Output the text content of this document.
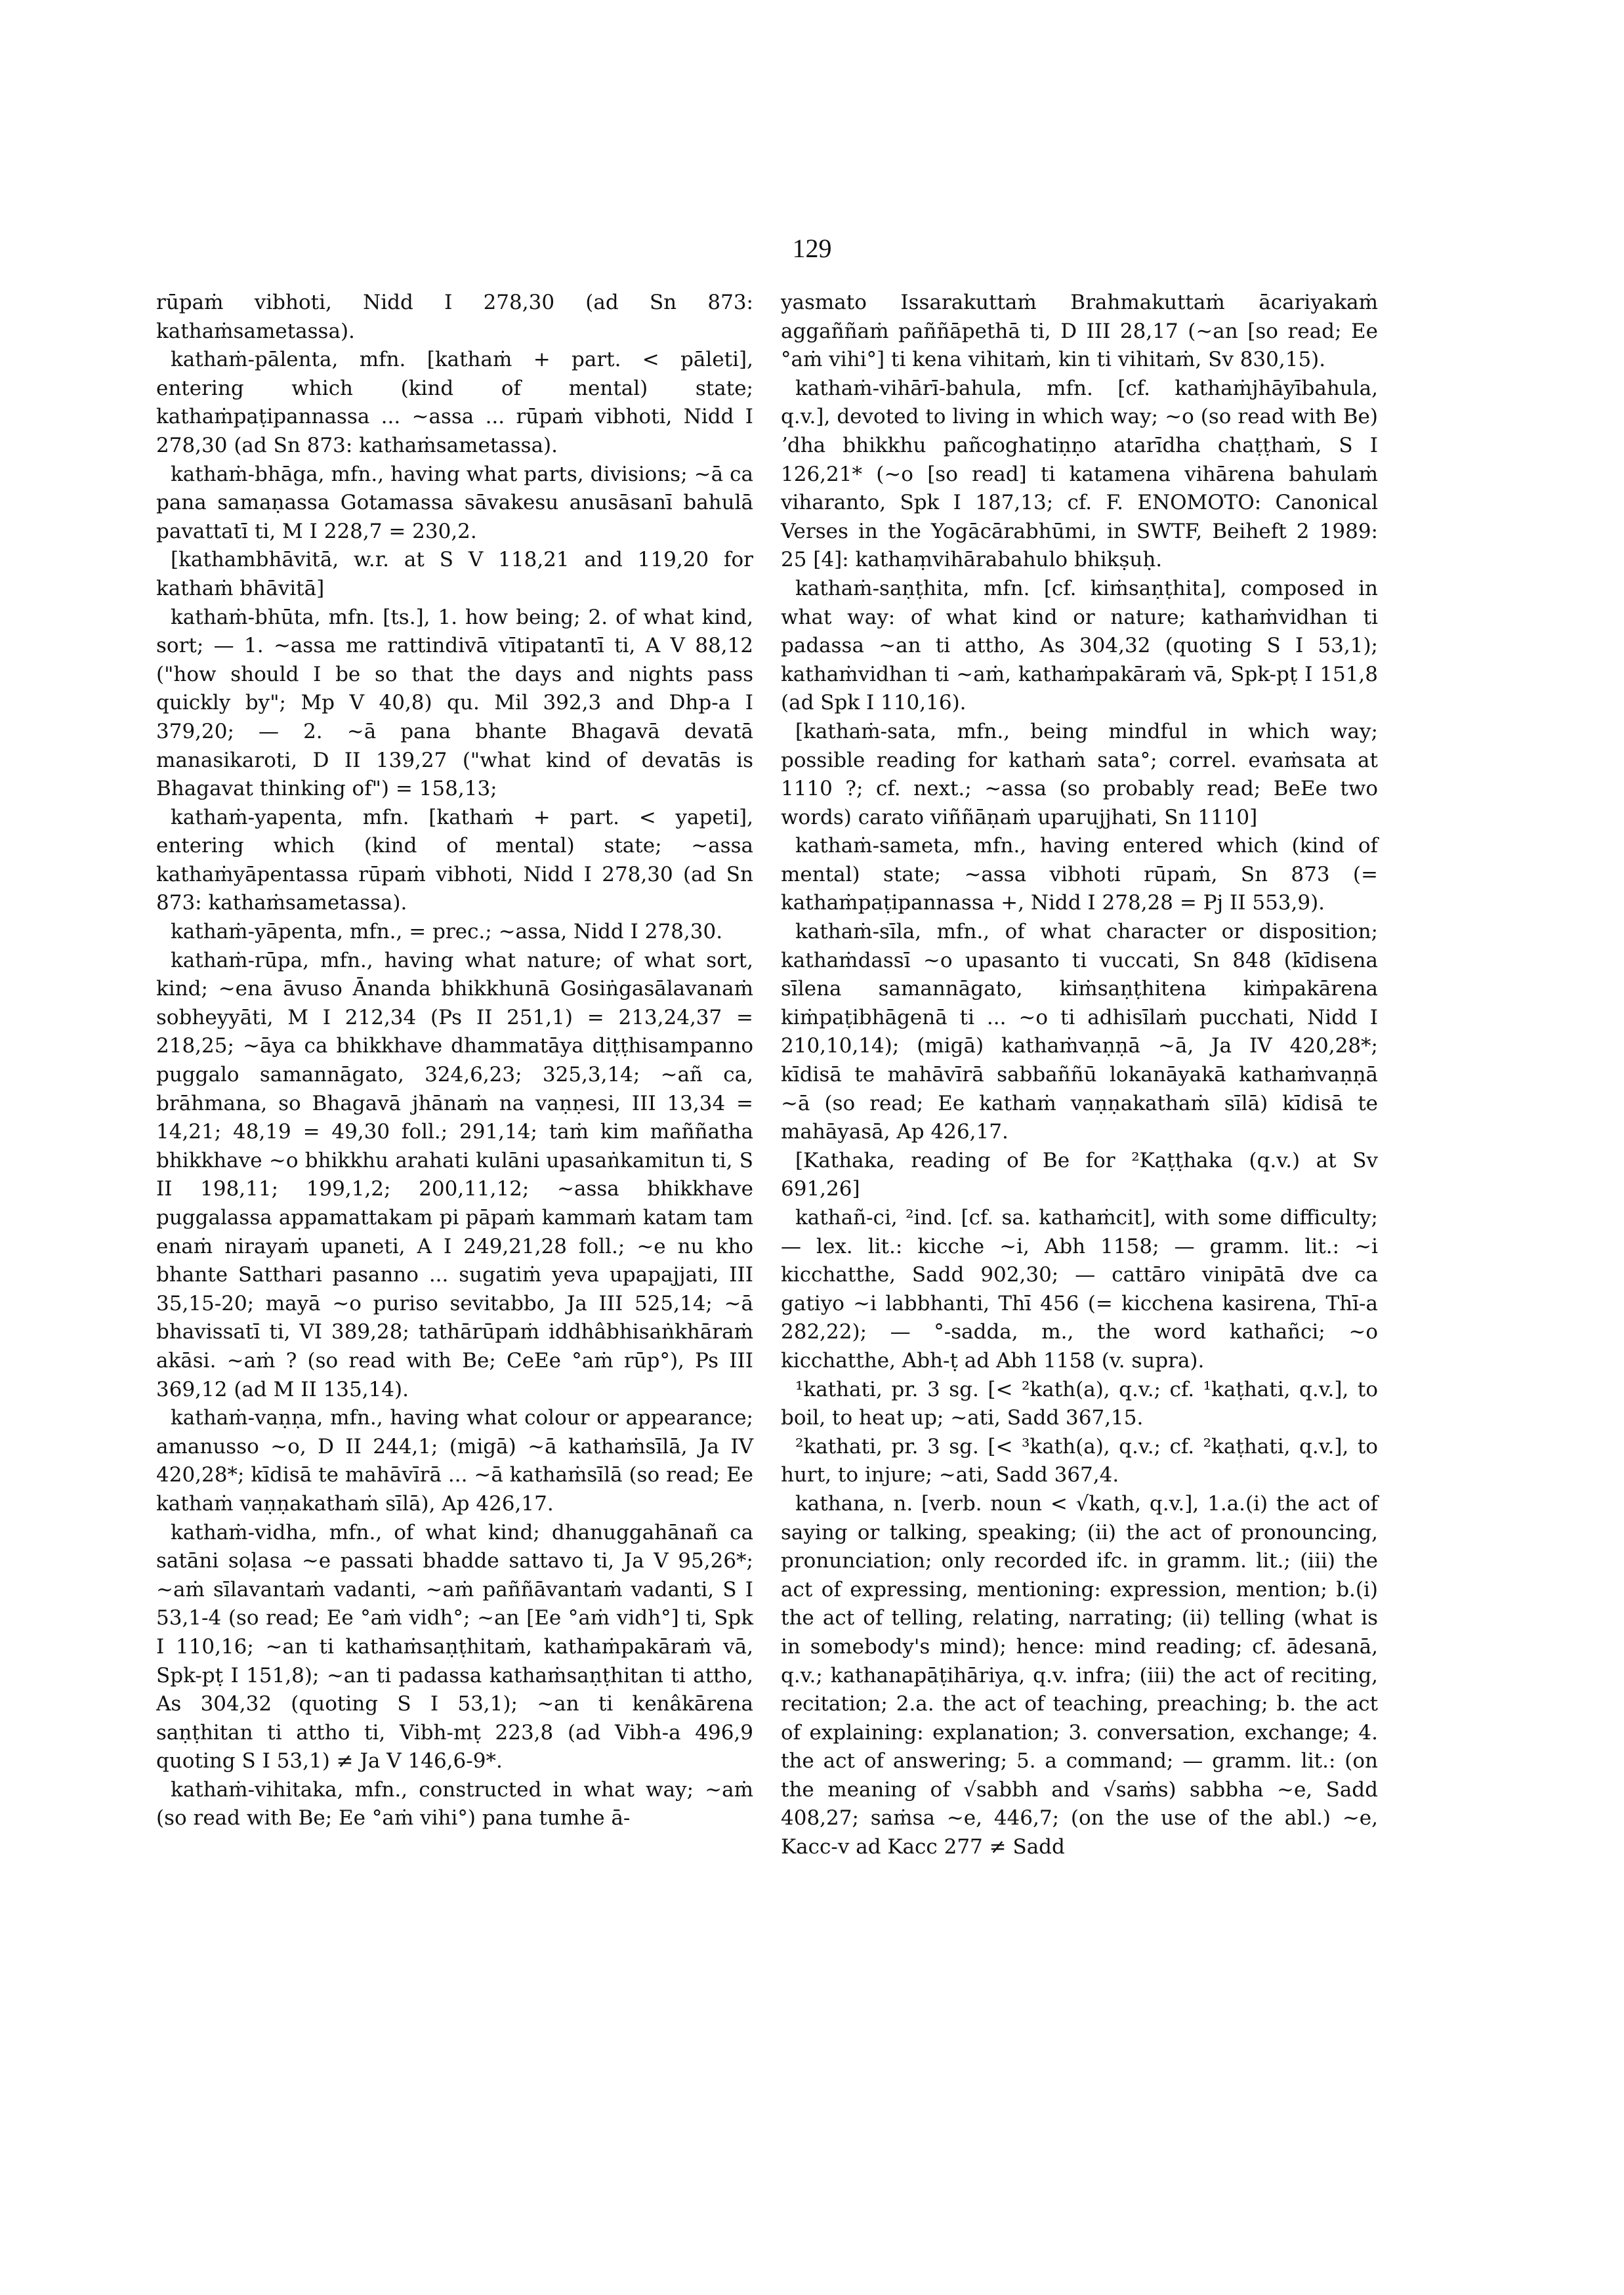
129

rūpaṁ vibhoti, Nidd I 278,30 (ad Sn 873: kathaṁsametassa).

kathaṁ-pālenta, mfn. [kathaṁ + part. < pāleti], entering which (kind of mental) state; kathaṁpaṭipannassa ... ~assa ... rūpaṁ vibhoti, Nidd I 278,30 (ad Sn 873: kathaṁsametassa).

kathaṁ-bhāga, mfn., having what parts, divisions; ~ā ca pana samaṇassa Gotamassa sāvakesu anusāsanī bahulā pavattatī ti, M I 228,7 = 230,2.

[kathambhāvitā, w.r. at S V 118,21 and 119,20 for kathaṁ bhāvitā]

kathaṁ-bhūta, mfn. [ts.], 1. how being; 2. of what kind, sort; — 1. ~assa me rattindivā vītipatantī ti, A V 88,12 ("how should I be so that the days and nights pass quickly by"; Mp V 40,8) qu. Mil 392,3 and Dhp-a I 379,20; — 2. ~ā pana bhante Bhagavā devatā manasikaroti, D II 139,27 ("what kind of devatās is Bhagavat thinking of") = 158,13;

kathaṁ-yapenta, mfn. [kathaṁ + part. < yapeti], entering which (kind of mental) state; ~assa kathaṁyāpentassa rūpaṁ vibhoti, Nidd I 278,30 (ad Sn 873: kathaṁsametassa).

kathaṁ-yāpenta, mfn., = prec.; ~assa, Nidd I 278,30.

kathaṁ-rūpa, mfn., having what nature; of what sort, kind; ~ena āvuso Ānanda bhikkhunā Gosiṅgasālavanaṁ sobheyyāti, M I 212,34 (Ps II 251,1) = 213,24,37 = 218,25; ~āya ca bhikkhave dhammatāya diṭṭhisampanno puggalo samannāgato, 324,6,23; 325,3,14; ~añ ca, brāhmana, so Bhagavā jhānaṁ na vaṇṇesi, III 13,34 = 14,21; 48,19 = 49,30 foll.; 291,14; taṁ kim maññatha bhikkhave ~o bhikkhu arahati kulāni upasaṅkamitun ti, S II 198,11; 199,1,2; 200,11,12; ~assa bhikkhave puggalassa appamattakam pi pāpaṁ kammaṁ katam tam enaṁ nirayaṁ upaneti, A I 249,21,28 foll.; ~e nu kho bhante Satthari pasanno ... sugatiṁ yeva upapajjati, III 35,15-20; mayā ~o puriso sevitabbo, Ja III 525,14; ~ā bhavissatī ti, VI 389,28; tathārūpaṁ iddhâbhisaṅkhāraṁ akāsi. ~aṁ ? (so read with Be; CeEe °aṁ rūp°), Ps III 369,12 (ad M II 135,14).

kathaṁ-vaṇṇa, mfn., having what colour or appearance; amanusso ~o, D II 244,1; (migā) ~ā kathaṁsīlā, Ja IV 420,28*; kīdisā te mahāvīrā ... ~ā kathaṁsīlā (so read; Ee kathaṁ vaṇṇakathaṁ sīlā), Ap 426,17.

kathaṁ-vidha, mfn., of what kind; dhanuggahānañ ca satāni soḷasa ~e passati bhadde sattavo ti, Ja V 95,26*; ~aṁ sīlavantaṁ vadanti, ~aṁ paññāvantaṁ vadanti, S I 53,1-4 (so read; Ee °aṁ vidh°; ~an [Ee °aṁ vidh°] ti, Spk I 110,16; ~an ti kathaṁsaṇṭhitaṁ, kathaṁpakāraṁ vā, Spk-pṭ I 151,8); ~an ti padassa kathaṁsaṇṭhitan ti attho, As 304,32 (quoting S I 53,1); ~an ti kenâkārena saṇṭhitan ti attho ti, Vibh-mṭ 223,8 (ad Vibh-a 496,9 quoting S I 53,1) ≠ Ja V 146,6-9*.

kathaṁ-vihitaka, mfn., constructed in what way; ~aṁ (so read with Be; Ee °aṁ vihi°) pana tumhe ā-

yasmato Issarakuttaṁ Brahmakuttaṁ ācariyakaṁ aggaññaṁ paññāpethā ti, D III 28,17 (~an [so read; Ee °aṁ vihi°] ti kena vihitaṁ, kin ti vihitaṁ, Sv 830,15).

kathaṁ-vihārī-bahula, mfn. [cf. kathaṁjhāyībahula, q.v.], devoted to living in which way; ~o (so read with Be) ʼdha bhikkhu pañcoghatiṇṇo atarīdha chaṭṭhaṁ, S I 126,21* (~o [so read] ti katamena vihārena bahulaṁ viharanto, Spk I 187,13; cf. F. ENOMOTO: Canonical Verses in the Yogācārabhūmi, in SWTF, Beiheft 2 1989: 25 [4]: kathaṃvihārabahulo bhikṣuḥ.

kathaṁ-saṇṭhita, mfn. [cf. kiṁsaṇṭhita], composed in what way: of what kind or nature; kathaṁvidhan ti padassa ~an ti attho, As 304,32 (quoting S I 53,1); kathaṁvidhan ti ~aṁ, kathaṁpakāraṁ vā, Spk-pṭ I 151,8 (ad Spk I 110,16).

[kathaṁ-sata, mfn., being mindful in which way; possible reading for kathaṁ sata°; correl. evaṁsata at 1110 ?; cf. next.; ~assa (so probably read; BeEe two words) carato viññāṇaṁ uparujjhati, Sn 1110]

kathaṁ-sameta, mfn., having entered which (kind of mental) state; ~assa vibhoti rūpaṁ, Sn 873 (= kathaṁpaṭipannassa +, Nidd I 278,28 = Pj II 553,9).

kathaṁ-sīla, mfn., of what character or disposition; kathaṁdassī ~o upasanto ti vuccati, Sn 848 (kīdisena sīlena samannāgato, kiṁsaṇṭhitena kiṁpakārena kiṁpaṭibhāgenā ti ... ~o ti adhisīlaṁ pucchati, Nidd I 210,10,14); (migā) kathaṁvaṇṇā ~ā, Ja IV 420,28*; kīdisā te mahāvīrā sabbaññū lokanāyakā kathaṁvaṇṇā ~ā (so read; Ee kathaṁ vaṇṇakathaṁ sīlā) kīdisā te mahāyasā, Ap 426,17.

[Kathaka, reading of Be for ²Kaṭṭhaka (q.v.) at Sv 691,26]

kathañ-ci, ²ind. [cf. sa. kathaṁcit], with some difficulty; — lex. lit.: kicche ~i, Abh 1158; — gramm. lit.: ~i kicchatthe, Sadd 902,30; — cattāro vinipātā dve ca gatiyo ~i labbhanti, Thī 456 (= kicchena kasirena, Thī-a 282,22); — °-sadda, m., the word kathañci; ~o kicchatthe, Abh-ṭ ad Abh 1158 (v. supra).

¹kathati, pr. 3 sg. [< ²kath(a), q.v.; cf. ¹kaṭhati, q.v.], to boil, to heat up; ~ati, Sadd 367,15.

²kathati, pr. 3 sg. [< ³kath(a), q.v.; cf. ²kaṭhati, q.v.], to hurt, to injure; ~ati, Sadd 367,4.

kathana, n. [verb. noun < √kath, q.v.], 1.a.(i) the act of saying or talking, speaking; (ii) the act of pronouncing, pronunciation; only recorded ifc. in gramm. lit.; (iii) the act of expressing, mentioning: expression, mention; b.(i) the act of telling, relating, narrating; (ii) telling (what is in somebody's mind); hence: mind reading; cf. ādesanā, q.v.; kathanapāṭihāriya, q.v. infra; (iii) the act of reciting, recitation; 2.a. the act of teaching, preaching; b. the act of explaining: explanation; 3. conversation, exchange; 4. the act of answering; 5. a command; — gramm. lit.: (on the meaning of √sabbh and √saṁs) sabbha ~e, Sadd 408,27; saṁsa ~e, 446,7; (on the use of the abl.) ~e, Kacc-v ad Kacc 277 ≠ Sadd
